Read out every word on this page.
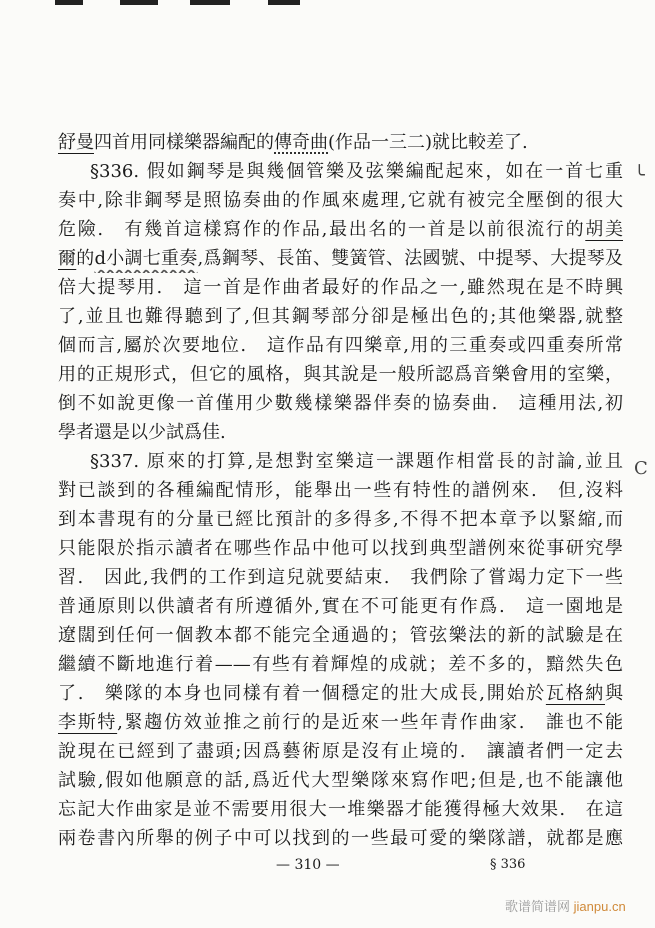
舒曼四首用同樣樂器編配的傳奇曲(作品一三二)就比較差了.
§336. 假如鋼琴是與幾個管樂及弦樂編配起來，如在一首七重
奏中,除非鋼琴是照協奏曲的作風來處理,它就有被完全壓倒的很大
危險.　有幾首這樣寫作的作品,最出名的一首是以前很流行的胡美
爾的d小調七重奏,爲鋼琴、長笛、雙簧管、法國號、中提琴、大提琴及
倍大提琴用.　這一首是作曲者最好的作品之一,雖然現在是不時興
了,並且也難得聽到了,但其鋼琴部分卻是極出色的;其他樂器,就整
個而言,屬於次要地位.　這作品有四樂章,用的三重奏或四重奏所常
用的正規形式，但它的風格，與其說是一般所認爲音樂會用的室樂，
倒不如說更像一首僅用少數幾樣樂器伴奏的協奏曲.　這種用法,初
學者還是以少試爲佳.
§337. 原來的打算,是想對室樂這一課題作相當長的討論,並且
對已談到的各種編配情形，能舉出一些有特性的譜例來.　但,沒料
到本書現有的分量已經比預計的多得多,不得不把本章予以緊縮,而
只能限於指示讀者在哪些作品中他可以找到典型譜例來從事研究學
習.　因此,我們的工作到這兒就要結束.　我們除了嘗竭力定下一些
普通原則以供讀者有所遵循外,實在不可能更有作爲.　這一園地是
遼闊到任何一個教本都不能完全通過的；管弦樂法的新的試驗是在
繼續不斷地進行着——有些有着輝煌的成就；差不多的，黯然失色
了.　樂隊的本身也同樣有着一個穩定的壯大成長,開始於瓦格納與
李斯特,緊趨仿效並推之前行的是近來一些年青作曲家.　誰也不能
說現在已經到了盡頭;因爲藝術原是沒有止境的.　讓讀者們一定去
試驗,假如他願意的話,爲近代大型樂隊來寫作吧;但是,也不能讓他
忘記大作曲家是並不需要用很大一堆樂器才能獲得極大效果.　在這
兩卷書內所舉的例子中可以找到的一些最可愛的樂隊譜，就都是應
╰
C
— 310 —	§ 336
歌谱简谱网 jianpu.cn
